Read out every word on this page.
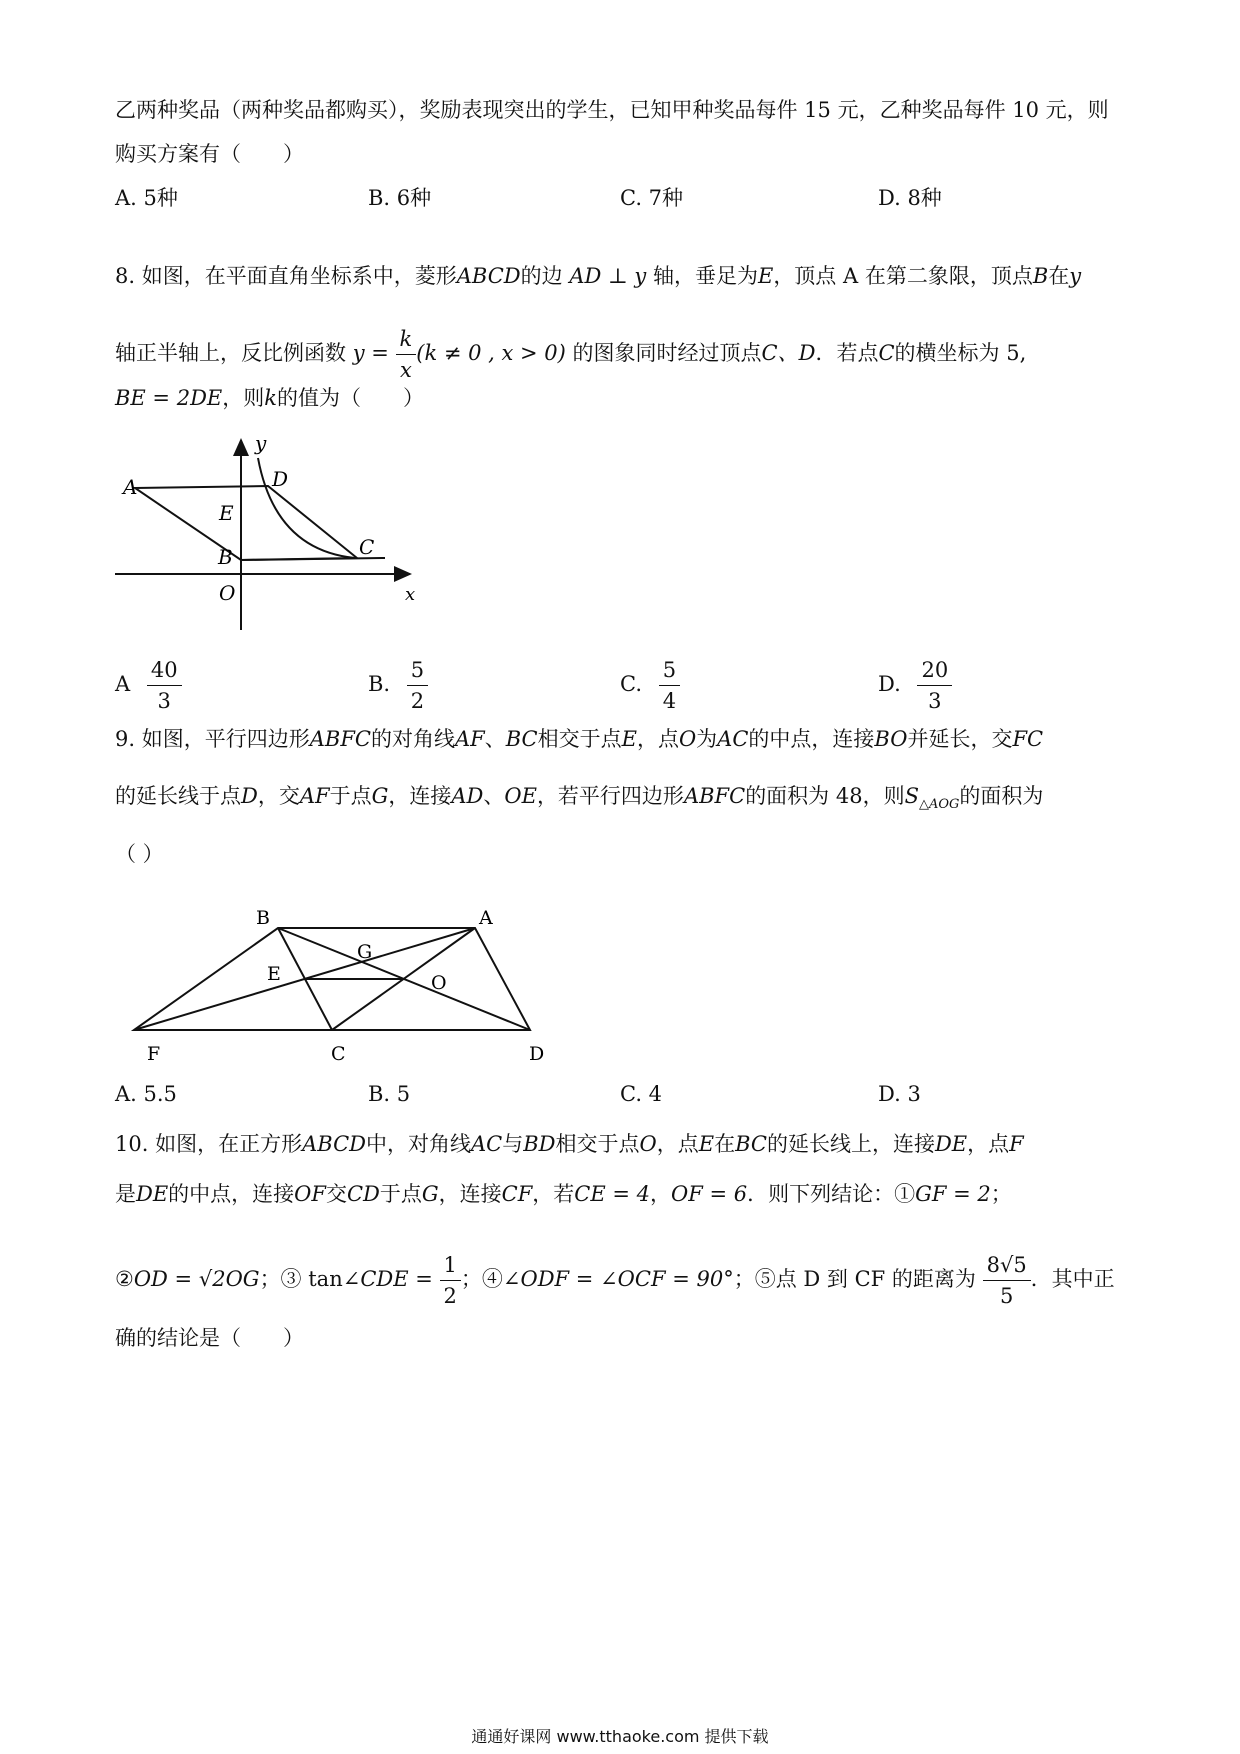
乙两种奖品（两种奖品都购买），奖励表现突出的学生，已知甲种奖品每件 15 元，乙种奖品每件 10 元，则
购买方案有（　　）
A. 5种	B. 6种	C. 7种	D. 8种
8. 如图，在平面直角坐标系中，菱形ABCD的边 AD ⊥ y 轴，垂足为E，顶点 A 在第二象限，顶点B在y
轴正半轴上，反比例函数 $y = \frac{k}{x} (k \ne 0$ , x > 0) 的图象同时经过顶点C、D．若点C的横坐标为 5,
BE = 2DE，则k的值为（　　）
y
A	D
E
B	C
O	x
A $\frac{40}{3}$	B. $\frac{5}{2}$	C. $\frac{5}{4}$	D. $\frac{20}{3}$
9. 如图，平行四边形ABFC的对角线AF、BC相交于点E，点O为AC的中点，连接BO并延长，交FC
的延长线于点D，交AF于点G，连接AD、OE，若平行四边形ABFC的面积为 48，则$S_{\triangle AOG}$的面积为
（ ）
B	A
G
E	O
F	C	D
A. 5.5	B. 5	C. 4	D. 3
10. 如图，在正方形ABCD中，对角线AC与BD相交于点O，点E在BC的延长线上，连接DE，点F
是DE的中点，连接OF交CD于点G，连接CF，若CE = 4，OF = 6．则下列结论：①GF = 2；
②OD = √2OG；③ tan∠CDE = $\frac{1}{2}$ ；④∠ODF = ∠OCF = 90°；⑤点 D 到 CF 的距离为 $\frac{8√5}{5}$ ．其中正
确的结论是（　　）
通通好课网 www.tthaoke.com 提供下载
